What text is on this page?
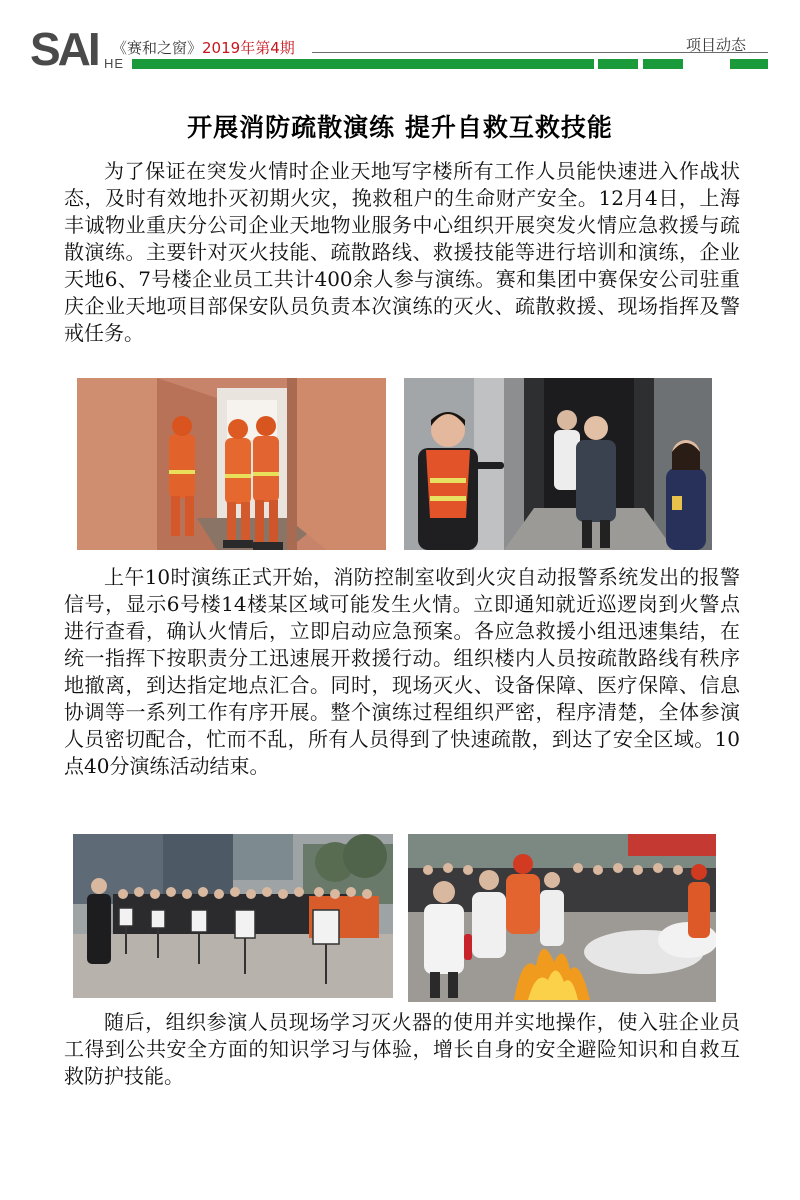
SAI HE
《赛和之窗》2019年第4期	项目动态
开展消防疏散演练 提升自救互救技能

为了保证在突发火情时企业天地写字楼所有工作人员能快速进入作战状态，及时有效地扑灭初期火灾，挽救租户的生命财产安全。12月4日，上海丰诚物业重庆分公司企业天地物业服务中心组织开展突发火情应急救援与疏散演练。主要针对灭火技能、疏散路线、救援技能等进行培训和演练，企业天地6、7号楼企业员工共计400余人参与演练。赛和集团中赛保安公司驻重庆企业天地项目部保安队员负责本次演练的灭火、疏散救援、现场指挥及警戒任务。

上午10时演练正式开始，消防控制室收到火灾自动报警系统发出的报警信号，显示6号楼14楼某区域可能发生火情。立即通知就近巡逻岗到火警点进行查看，确认火情后，立即启动应急预案。各应急救援小组迅速集结，在统一指挥下按职责分工迅速展开救援行动。组织楼内人员按疏散路线有秩序地撤离，到达指定地点汇合。同时，现场灭火、设备保障、医疗保障、信息协调等一系列工作有序开展。整个演练过程组织严密，程序清楚，全体参演人员密切配合，忙而不乱，所有人员得到了快速疏散，到达了安全区域。10点40分演练活动结束。

随后，组织参演人员现场学习灭火器的使用并实地操作，使入驻企业员工得到公共安全方面的知识学习与体验，增长自身的安全避险知识和自救互救防护技能。
